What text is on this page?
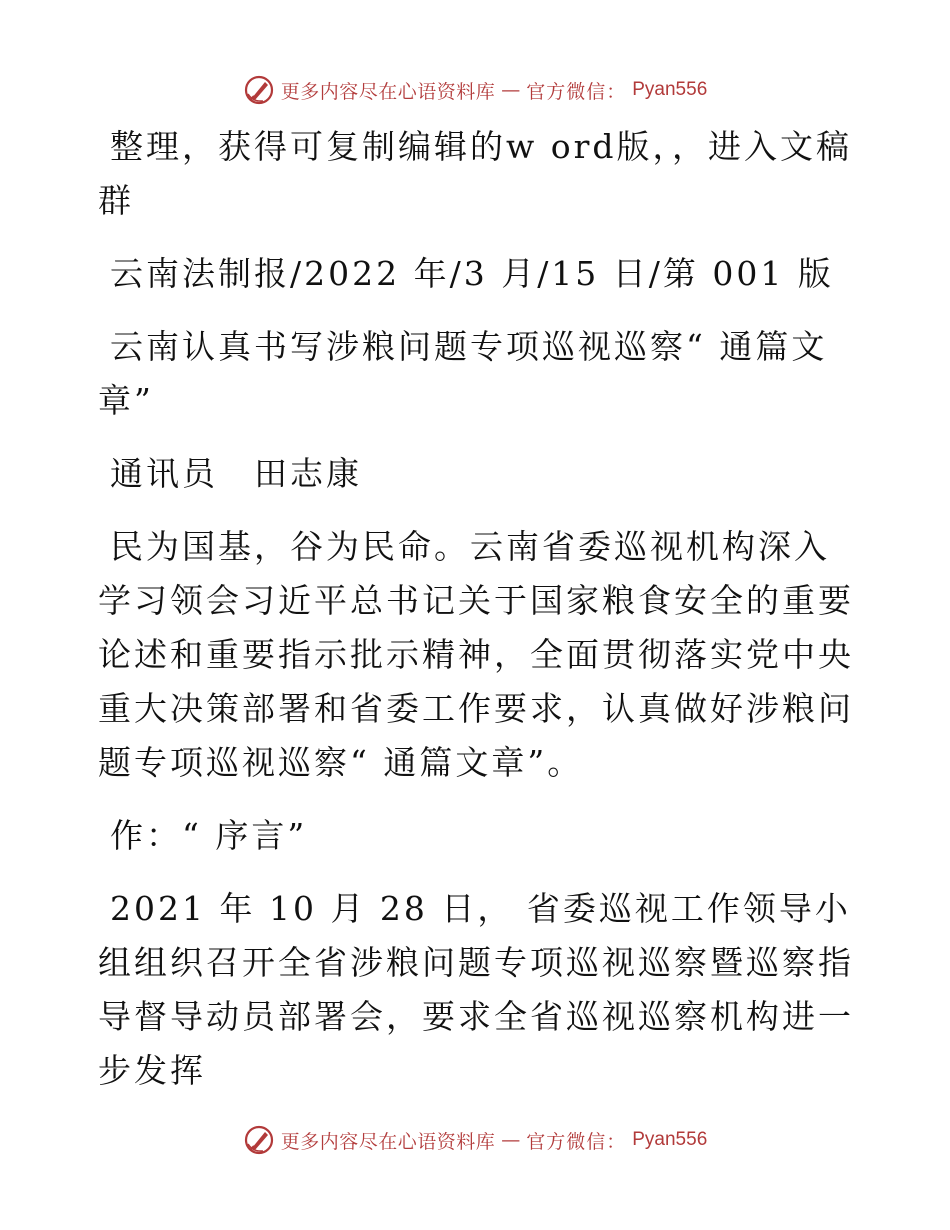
更多内容尽在心语资料库 — 官方微信： Pyan556

整理，获得可复制编辑的w ord版，，进入文稿群

云南法制报/2022 年/3 月/15 日/第 001 版

云南认真书写涉粮问题专项巡视巡察“ 通篇文章”

通讯员　田志康

民为国基，谷为民命。云南省委巡视机构深入学习领会习近平总书记关于国家粮食安全的重要论述和重要指示批示精神，全面贯彻落实党中央重大决策部署和省委工作要求，认真做好涉粮问题专项巡视巡察“ 通篇文章”。

作：“ 序言”

2021 年 10 月 28 日， 省委巡视工作领导小组组织召开全省涉粮问题专项巡视巡察暨巡察指导督导动员部署会，要求全省巡视巡察机构进一步发挥

更多内容尽在心语资料库 — 官方微信： Pyan556
